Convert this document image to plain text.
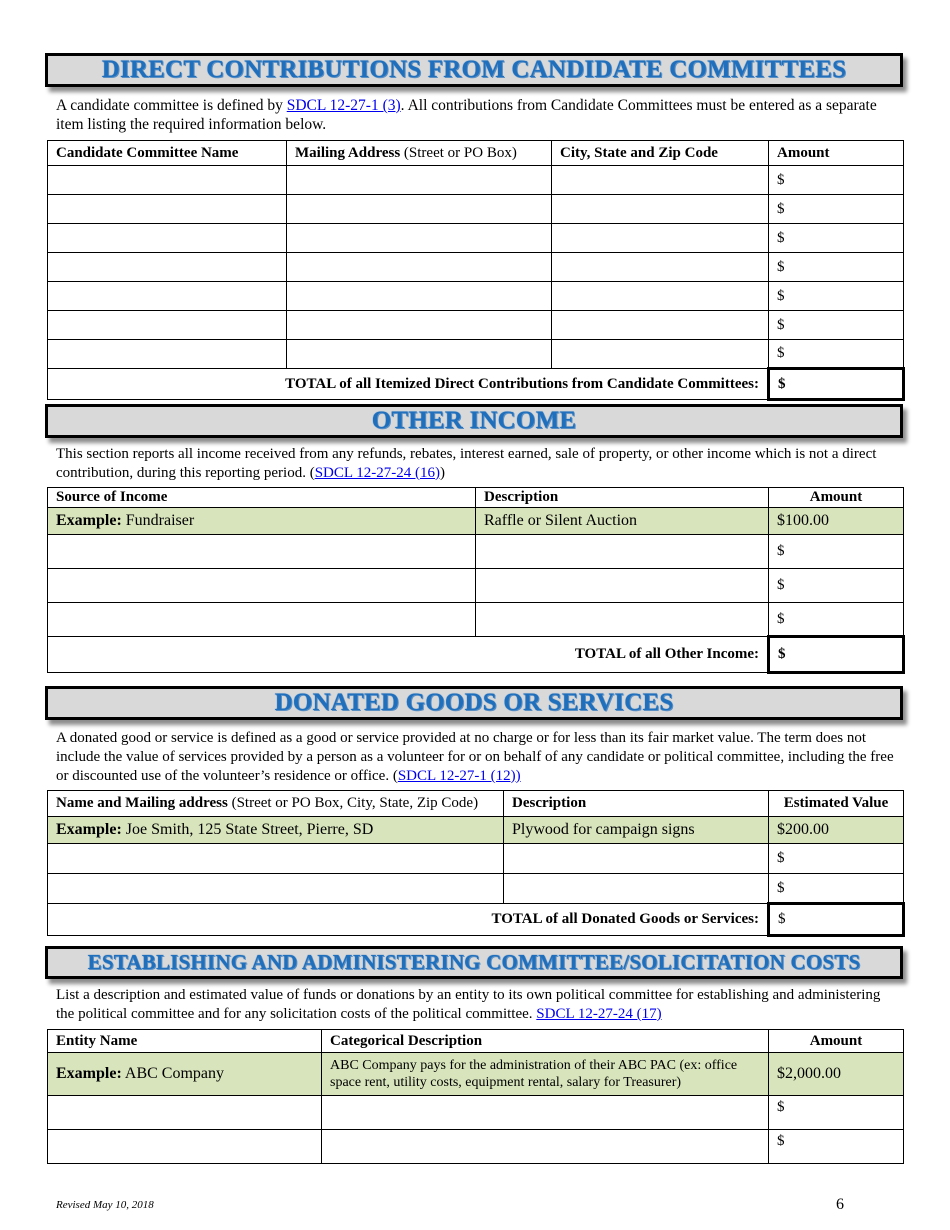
DIRECT CONTRIBUTIONS FROM CANDIDATE COMMITTEES
A candidate committee is defined by SDCL 12-27-1 (3). All contributions from Candidate Committees must be entered as a separate item listing the required information below.
Candidate Committee Name	Mailing Address (Street or PO Box)	City, State and Zip Code	Amount
			$
			$
			$
			$
			$
			$
			$
TOTAL of all Itemized Direct Contributions from Candidate Committees:			$
OTHER INCOME
This section reports all income received from any refunds, rebates, interest earned, sale of property, or other income which is not a direct contribution, during this reporting period. (SDCL 12-27-24 (16))
Source of Income	Description	Amount
Example: Fundraiser	Raffle or Silent Auction	$100.00
		$
		$
		$
TOTAL of all Other Income:		$
DONATED GOODS OR SERVICES
A donated good or service is defined as a good or service provided at no charge or for less than its fair market value. The term does not include the value of services provided by a person as a volunteer for or on behalf of any candidate or political committee, including the free or discounted use of the volunteer’s residence or office. (SDCL 12-27-1 (12))
Name and Mailing address (Street or PO Box, City, State, Zip Code)	Description	Estimated Value
Example: Joe Smith, 125 State Street, Pierre, SD	Plywood for campaign signs	$200.00
		$
		$
TOTAL of all Donated Goods or Services:		$
ESTABLISHING AND ADMINISTERING COMMITTEE/SOLICITATION COSTS
List a description and estimated value of funds or donations by an entity to its own political committee for establishing and administering the political committee and for any solicitation costs of the political committee. SDCL 12-27-24 (17)
Entity Name	Categorical Description	Amount
Example: ABC Company	ABC Company pays for the administration of their ABC PAC (ex: office space rent, utility costs, equipment rental, salary for Treasurer)	$2,000.00
		$
		$
Revised May 10, 2018	6
